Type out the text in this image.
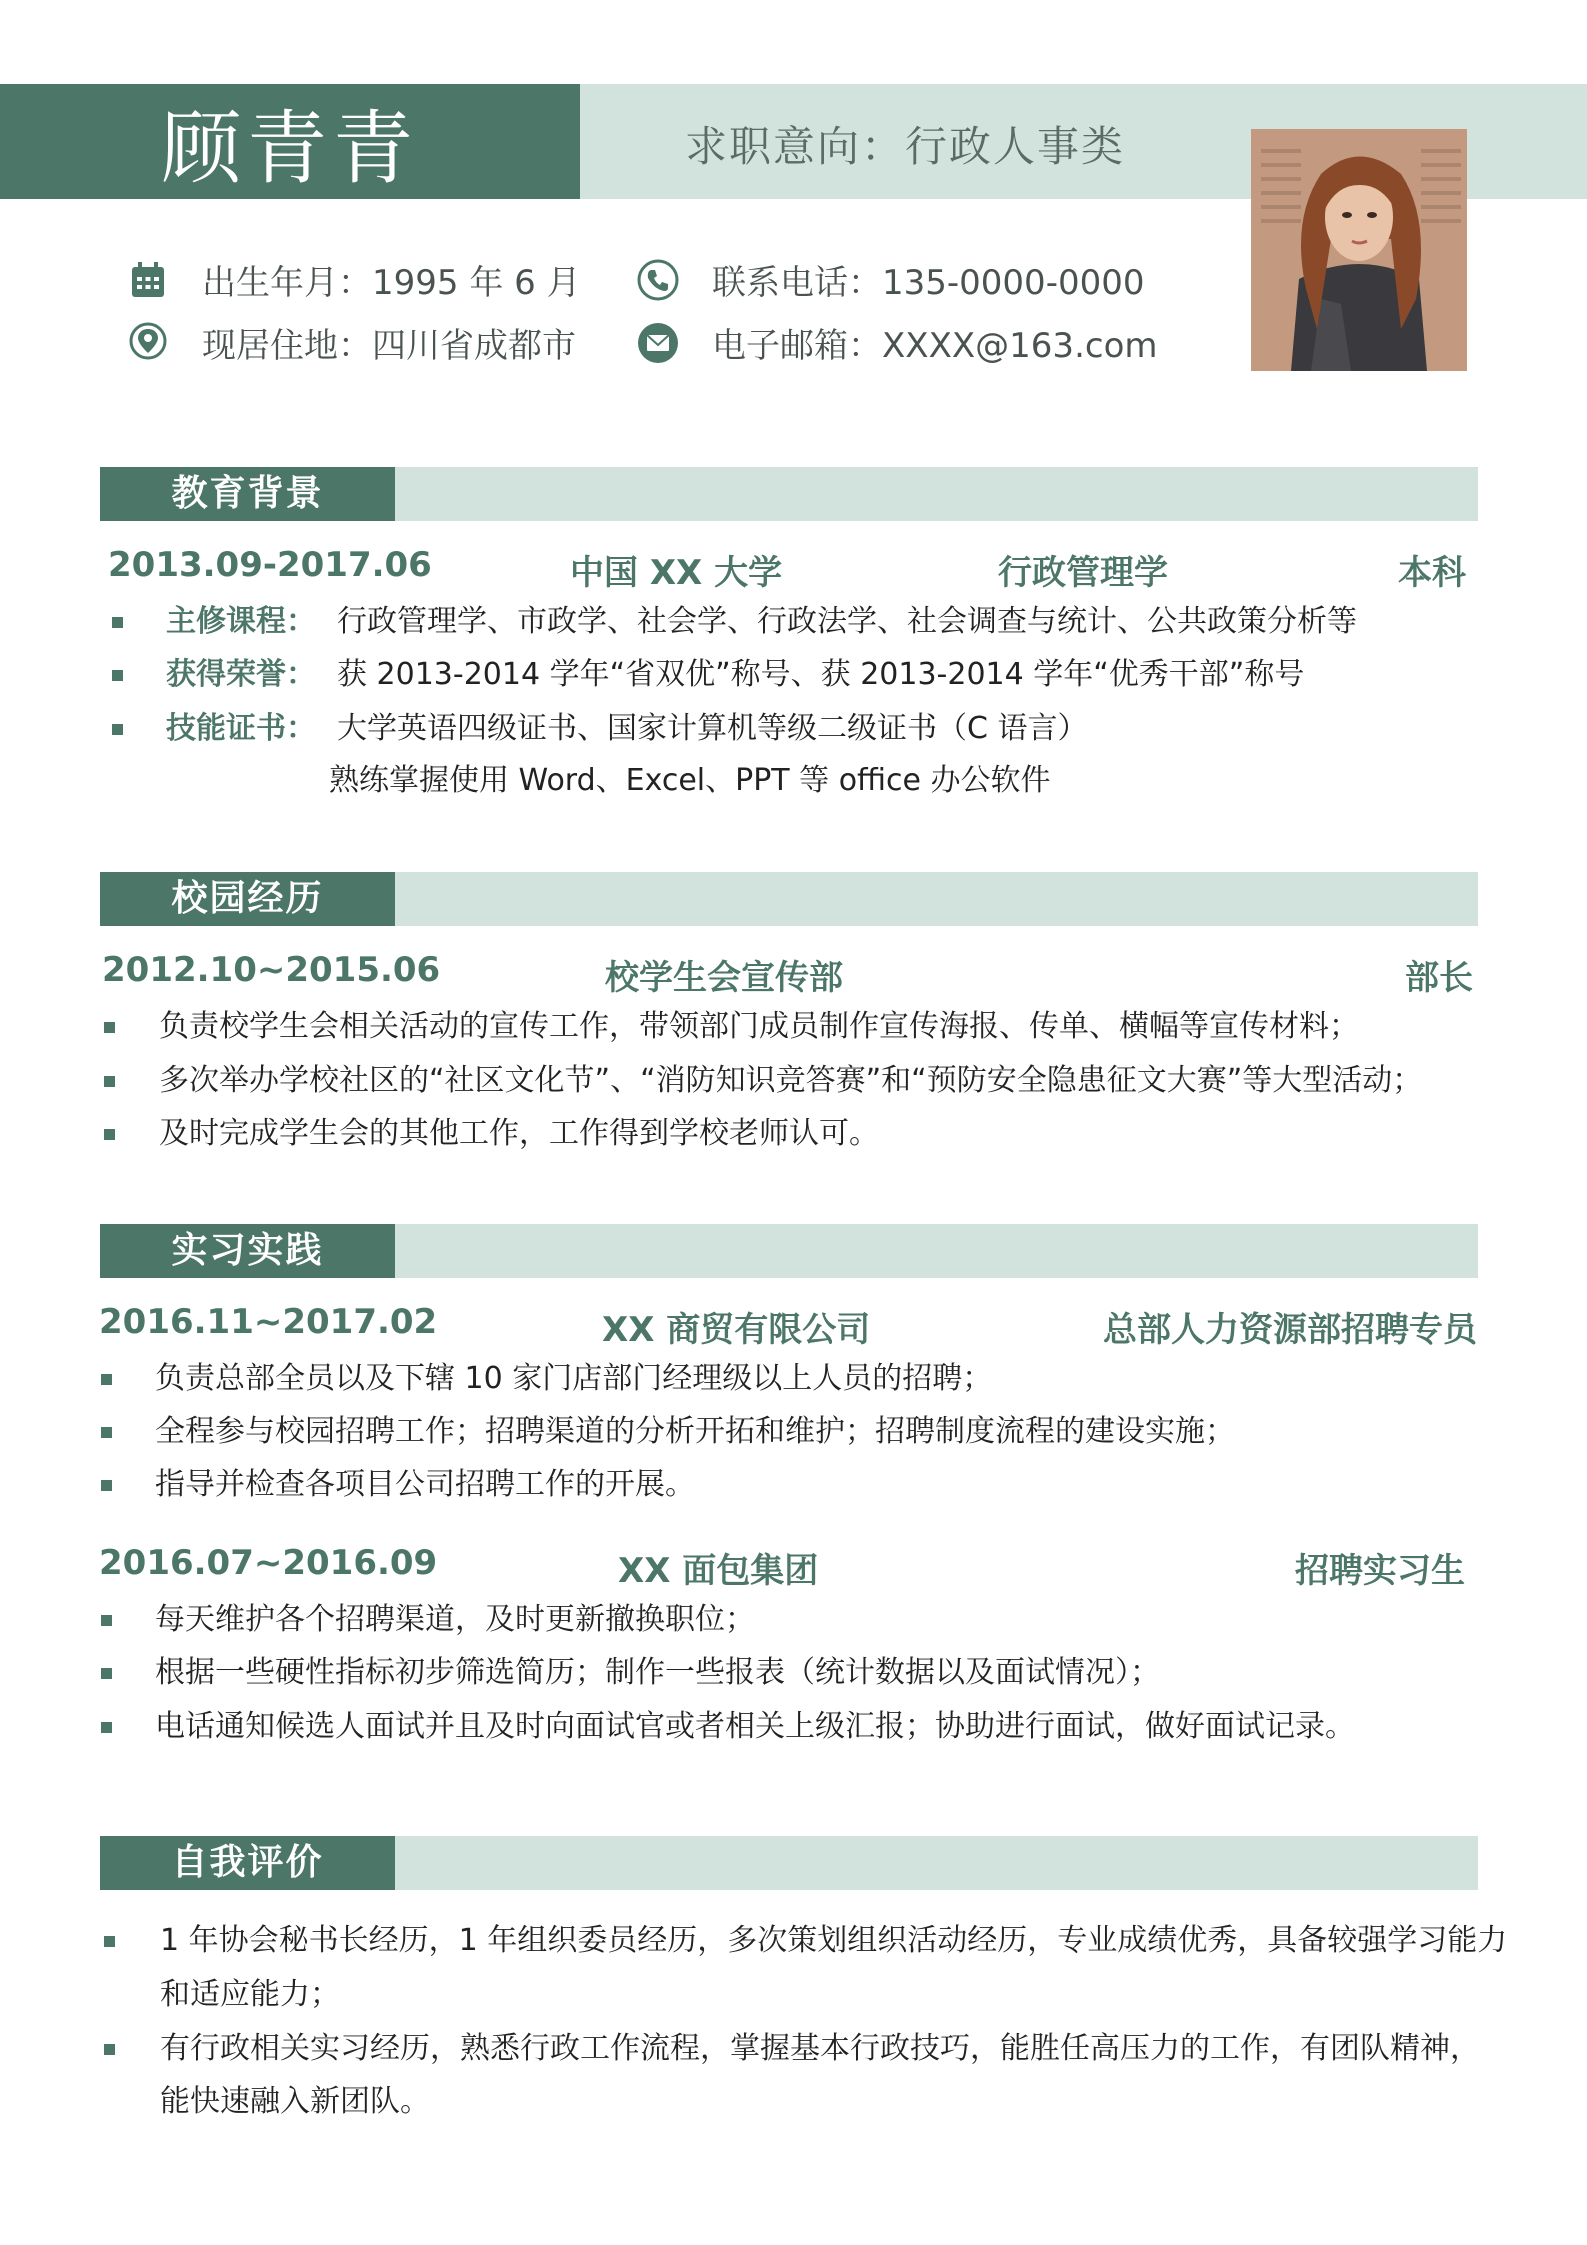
顾青青	求职意向：行政人事类
出生年月：1995 年 6 月
现居住地：四川省成都市
联系电话：135-0000-0000
电子邮箱：XXXX@163.com
教育背景
2013.09-2017.06	中国 XX 大学	行政管理学	本科
主修课程： 行政管理学、市政学、社会学、行政法学、社会调查与统计、公共政策分析等
获得荣誉： 获 2013-2014 学年“省双优”称号、获 2013-2014 学年“优秀干部”称号
技能证书： 大学英语四级证书、国家计算机等级二级证书（C 语言）
熟练掌握使用 Word、Excel、PPT 等 office 办公软件
校园经历
2012.10~2015.06	校学生会宣传部	部长
负责校学生会相关活动的宣传工作，带领部门成员制作宣传海报、传单、横幅等宣传材料；
多次举办学校社区的“社区文化节”、“消防知识竞答赛”和“预防安全隐患征文大赛”等大型活动；
及时完成学生会的其他工作，工作得到学校老师认可。
实习实践
2016.11~2017.02	XX 商贸有限公司	总部人力资源部招聘专员
负责总部全员以及下辖 10 家门店部门经理级以上人员的招聘；
全程参与校园招聘工作；招聘渠道的分析开拓和维护；招聘制度流程的建设实施；
指导并检查各项目公司招聘工作的开展。
2016.07~2016.09	XX 面包集团	招聘实习生
每天维护各个招聘渠道，及时更新撤换职位；
根据一些硬性指标初步筛选简历；制作一些报表（统计数据以及面试情况）；
电话通知候选人面试并且及时向面试官或者相关上级汇报；协助进行面试，做好面试记录。
自我评价
1 年协会秘书长经历，1 年组织委员经历，多次策划组织活动经历，专业成绩优秀，具备较强学习能力
和适应能力；
有行政相关实习经历，熟悉行政工作流程，掌握基本行政技巧，能胜任高压力的工作，有团队精神，
能快速融入新团队。
